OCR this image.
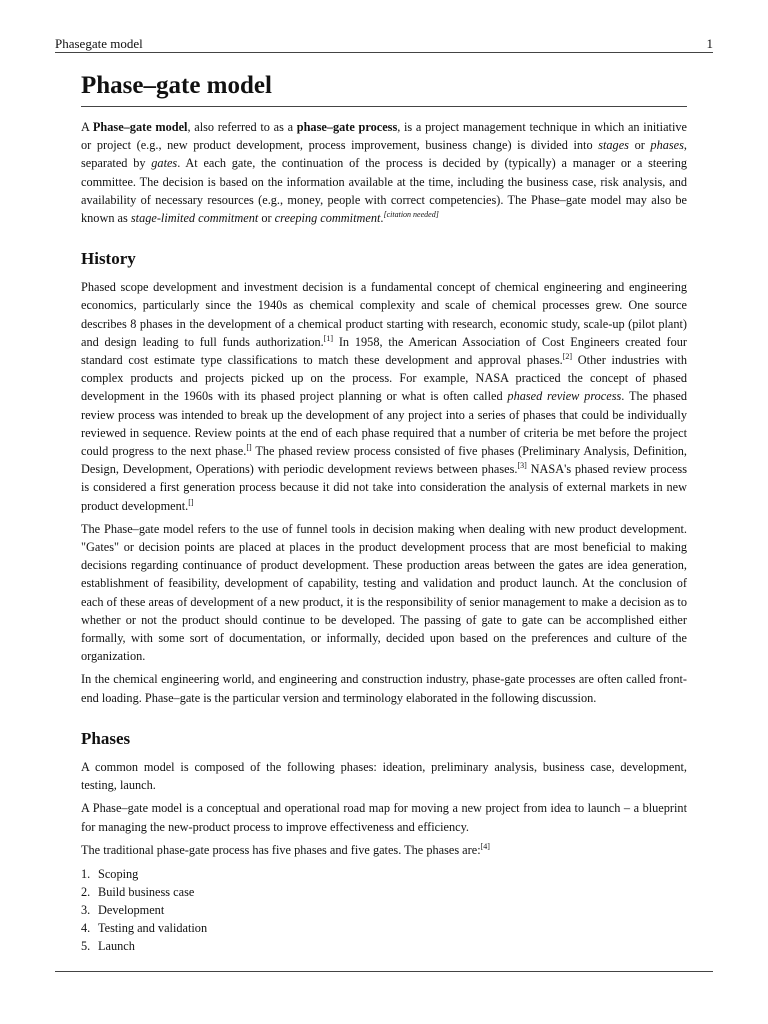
Phasegate model	1
Phase–gate model

A Phase–gate model, also referred to as a phase–gate process, is a project management technique in which an initiative or project (e.g., new product development, process improvement, business change) is divided into stages or phases, separated by gates. At each gate, the continuation of the process is decided by (typically) a manager or a steering committee. The decision is based on the information available at the time, including the business case, risk analysis, and availability of necessary resources (e.g., money, people with correct competencies). The Phase–gate model may also be known as stage-limited commitment or creeping commitment.[citation needed]

History

Phased scope development and investment decision is a fundamental concept of chemical engineering and engineering economics, particularly since the 1940s as chemical complexity and scale of chemical processes grew. One source describes 8 phases in the development of a chemical product starting with research, economic study, scale-up (pilot plant) and design leading to full funds authorization.[1] In 1958, the American Association of Cost Engineers created four standard cost estimate type classifications to match these development and approval phases.[2] Other industries with complex products and projects picked up on the process. For example, NASA practiced the concept of phased development in the 1960s with its phased project planning or what is often called phased review process. The phased review process was intended to break up the development of any project into a series of phases that could be individually reviewed in sequence. Review points at the end of each phase required that a number of criteria be met before the project could progress to the next phase.[] The phased review process consisted of five phases (Preliminary Analysis, Definition, Design, Development, Operations) with periodic development reviews between phases.[3] NASA's phased review process is considered a first generation process because it did not take into consideration the analysis of external markets in new product development.[]

The Phase–gate model refers to the use of funnel tools in decision making when dealing with new product development. "Gates" or decision points are placed at places in the product development process that are most beneficial to making decisions regarding continuance of product development. These production areas between the gates are idea generation, establishment of feasibility, development of capability, testing and validation and product launch. At the conclusion of each of these areas of development of a new product, it is the responsibility of senior management to make a decision as to whether or not the product should continue to be developed. The passing of gate to gate can be accomplished either formally, with some sort of documentation, or informally, decided upon based on the preferences and culture of the organization.

In the chemical engineering world, and engineering and construction industry, phase-gate processes are often called front-end loading. Phase–gate is the particular version and terminology elaborated in the following discussion.

Phases

A common model is composed of the following phases: ideation, preliminary analysis, business case, development, testing, launch.

A Phase–gate model is a conceptual and operational road map for moving a new project from idea to launch – a blueprint for managing the new-product process to improve effectiveness and efficiency.

The traditional phase-gate process has five phases and five gates. The phases are:[4]

1. Scoping
2. Build business case
3. Development
4. Testing and validation
5. Launch
